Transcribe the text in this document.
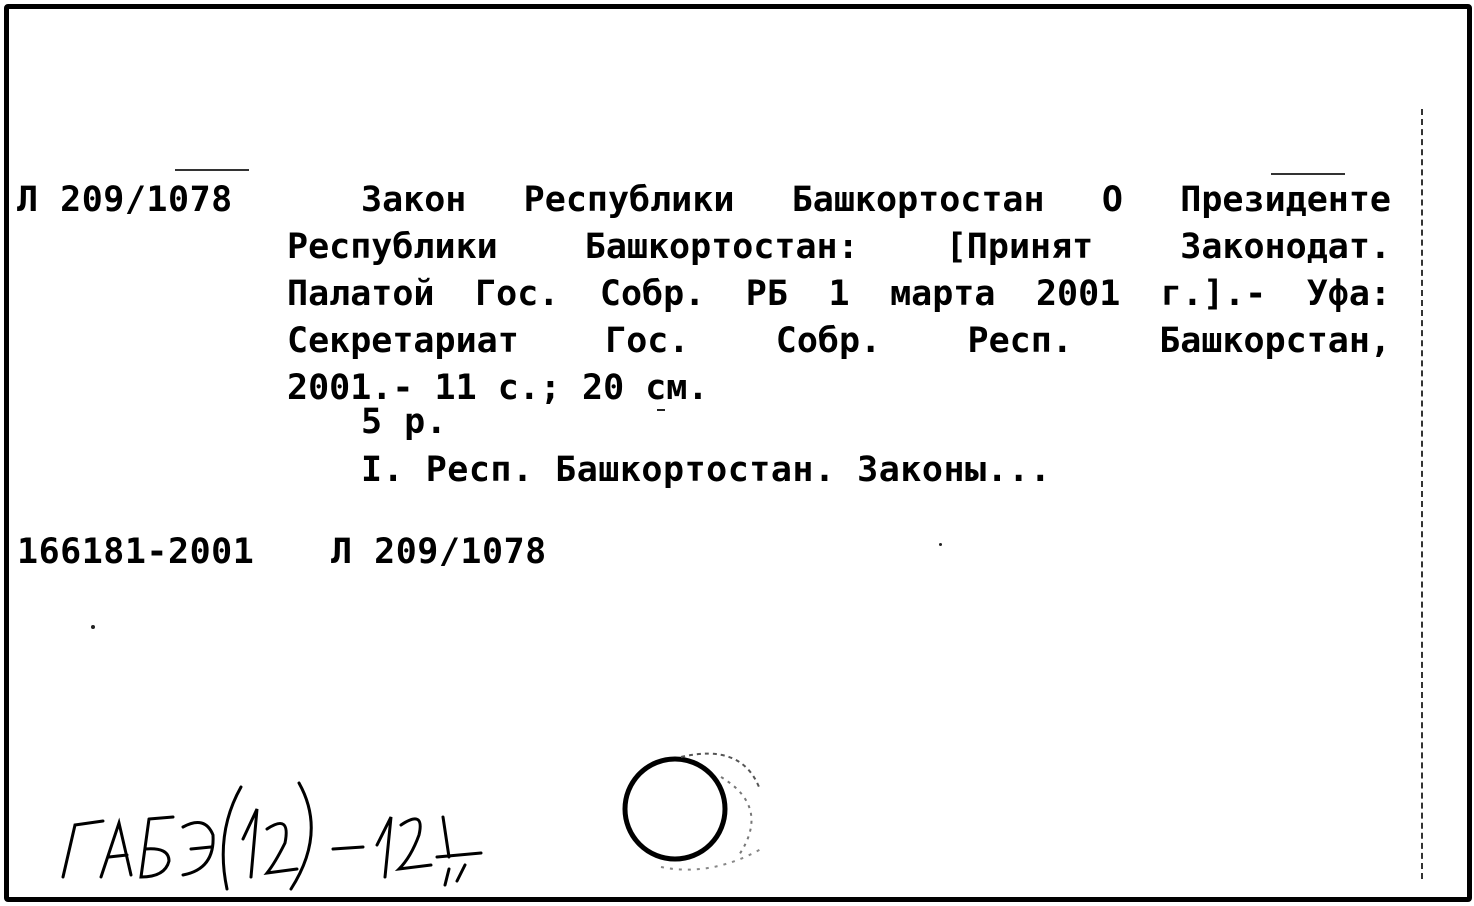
Л 209/1078	Закон Республики Башкортостан О Президенте
Республики Башкортостан: [Принят Законодат.
Палатой Гос. Собр. РБ 1 марта 2001 г.].- Уфа:
Секретариат Гос. Собр. Респ. Башкорстан,
2001.- 11 с.; 20 см.
5 р.
I. Респ. Башкортостан. Законы...
166181-2001 Л 209/1078
